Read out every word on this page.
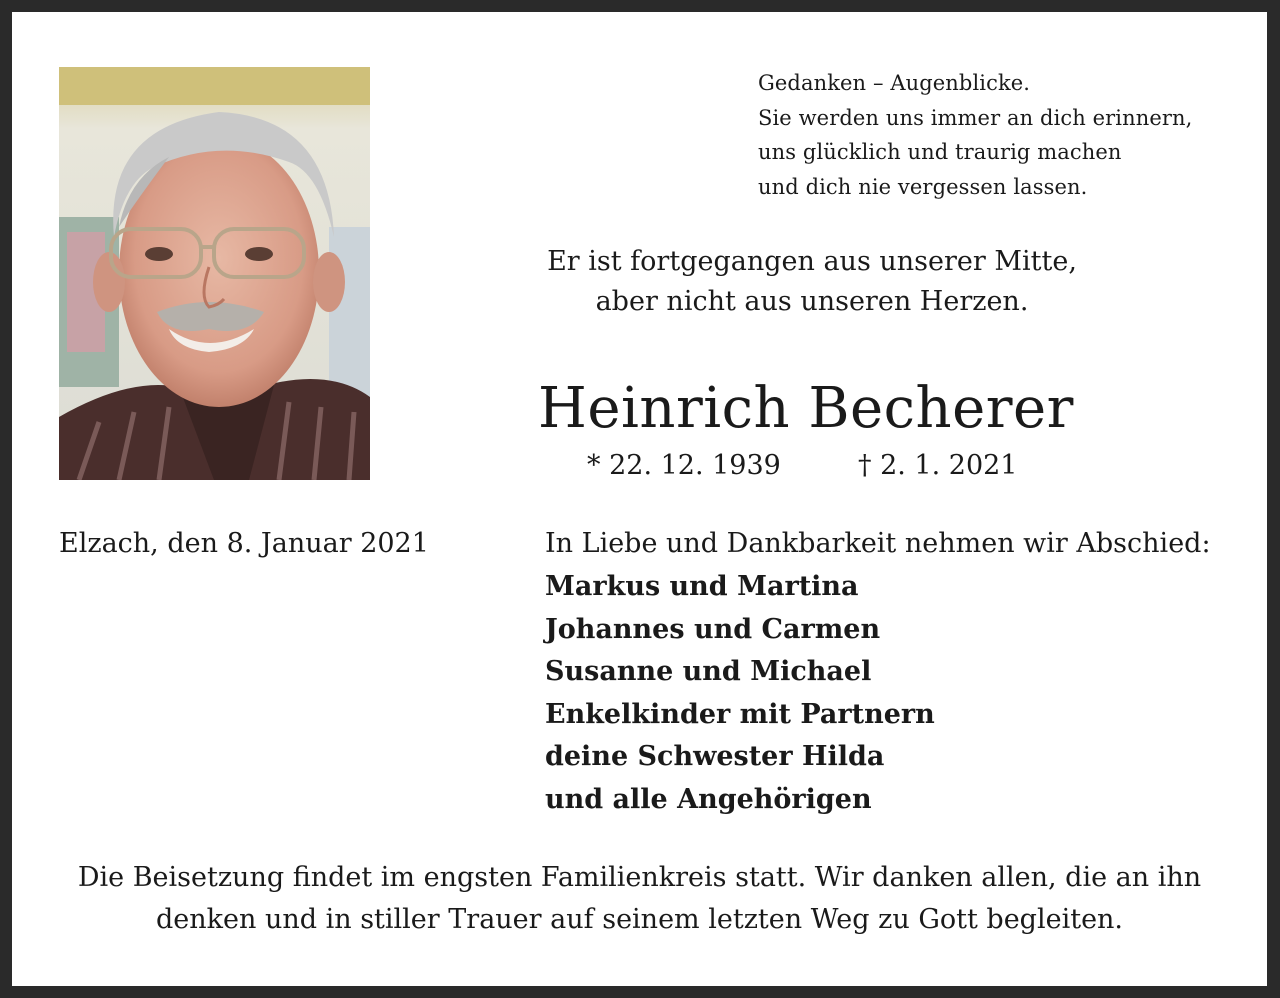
Gedanken – Augenblicke.
Sie werden uns immer an dich erinnern,
uns glücklich und traurig machen
und dich nie vergessen lassen.
Er ist fortgegangen aus unserer Mitte,
aber nicht aus unseren Herzen.
Heinrich Becherer
* 22. 12. 1939	† 2. 1. 2021
Elzach, den 8. Januar 2021	In Liebe und Dankbarkeit nehmen wir Abschied:
Markus und Martina
Johannes und Carmen
Susanne und Michael
Enkelkinder mit Partnern
deine Schwester Hilda
und alle Angehörigen
Die Beisetzung findet im engsten Familienkreis statt. Wir danken allen, die an ihn
denken und in stiller Trauer auf seinem letzten Weg zu Gott begleiten.
